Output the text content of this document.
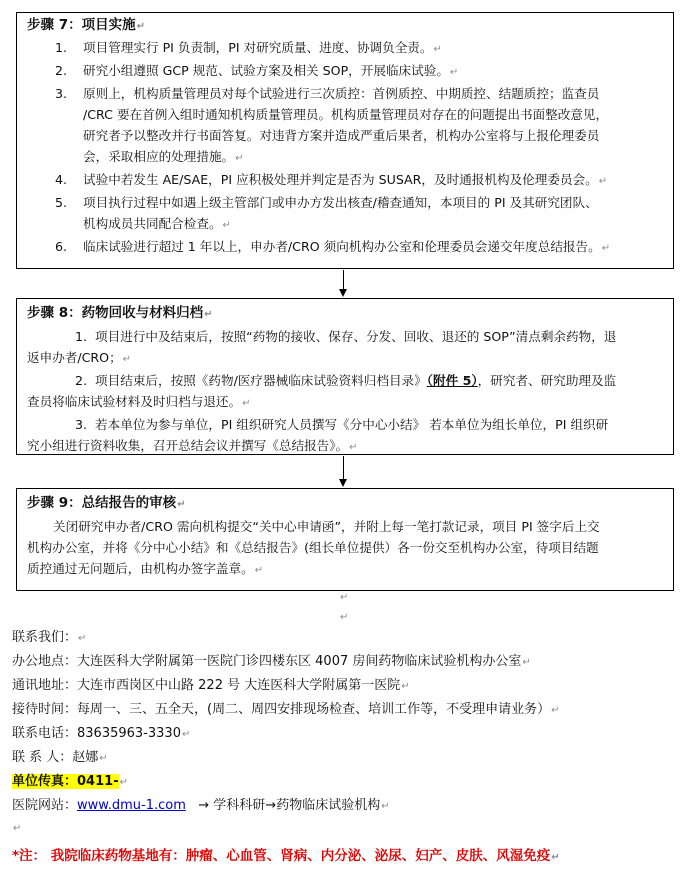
步骤 7：项目实施↵
1.	项目管理实行 PI 负责制，PI 对研究质量、进度、协调负全责。↵
2.	研究小组遵照 GCP 规范、试验方案及相关 SOP，开展临床试验。↵
3. 原则上，机构质量管理员对每个试验进行三次质控：首例质控、中期质控、结题质控；监查员
/CRC 要在首例入组时通知机构质量管理员。机构质量管理员对存在的问题提出书面整改意见，
研究者予以整改并行书面答复。对违背方案并造成严重后果者，机构办公室将与上报伦理委员
会，采取相应的处理措施。↵
4.	试验中若发生 AE/SAE，PI 应积极处理并判定是否为 SUSAR，及时通报机构及伦理委员会。↵
5. 项目执行过程中如遇上级主管部门或申办方发出核查/稽查通知，本项目的 PI 及其研究团队、
机构成员共同配合检查。↵
6.	临床试验进行超过 1 年以上，申办者/CRO 须向机构办公室和伦理委员会递交年度总结报告。↵
步骤 8：药物回收与材料归档↵
1. 项目进行中及结束后，按照“药物的接收、保存、分发、回收、退还的 SOP”清点剩余药物，退
返申办者/CRO；↵
2. 项目结束后，按照《药物/医疗器械临床试验资料归档目录》（附件 5），研究者、研究助理及监
查员将临床试验材料及时归档与退还。↵
3. 若本单位为参与单位，PI 组织研究人员撰写《分中心小结》 若本单位为组长单位，PI 组织研
究小组进行资料收集，召开总结会议并撰写《总结报告》。↵
步骤 9：总结报告的审核↵
关闭研究申办者/CRO 需向机构提交“关中心申请函”，并附上每一笔打款记录，项目 PI 签字后上交
机构办公室，并将《分中心小结》和《总结报告》(组长单位提供）各一份交至机构办公室，待项目结题
质控通过无问题后，由机构办签字盖章。↵
↵
↵
联系我们：↵
办公地点：大连医科大学附属第一医院门诊四楼东区 4007 房间药物临床试验机构办公室↵
通讯地址：大连市西岗区中山路 222 号 大连医科大学附属第一医院↵
接待时间：每周一、三、五全天，(周二、周四安排现场检查、培训工作等，不受理申请业务）↵
联系电话：83635963-3330↵
联 系 人：赵娜↵
单位传真：0411-↵
医院网站：www.dmu-1.com → 学科科研→药物临床试验机构↵
↵
*注： 我院临床药物基地有：肿瘤、心血管、肾病、内分泌、泌尿、妇产、皮肤、风湿免疫↵
